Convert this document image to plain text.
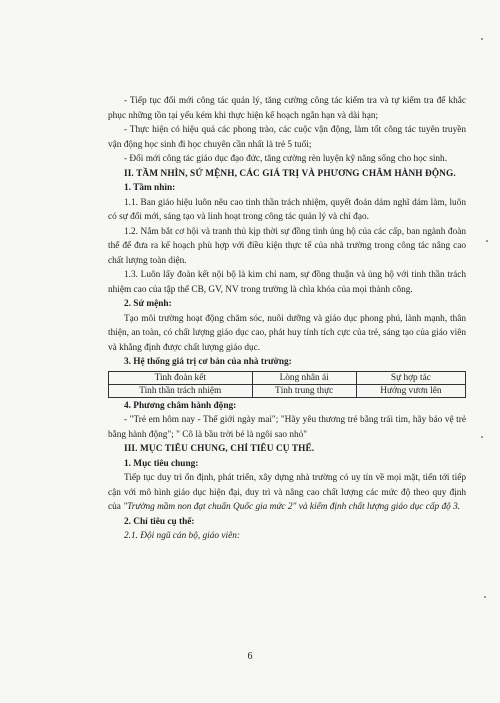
- Tiếp tục đổi mới công tác quản lý, tăng cường công tác kiểm tra và tự kiểm tra để khắc phục những tồn tại yếu kém khi thực hiện kế hoạch ngắn hạn và dài hạn;

- Thực hiện có hiệu quả các phong trào, các cuộc vận động, làm tốt công tác tuyên truyền vận động học sinh đi học chuyên cần nhất là trẻ 5 tuổi;

- Đổi mới công tác giáo dục đạo đức, tăng cường rèn luyện kỹ năng sống cho học sinh.

II. TẦM NHÌN, SỨ MỆNH, CÁC GIÁ TRỊ VÀ PHƯƠNG CHÂM HÀNH ĐỘNG.

1. Tầm nhìn:

1.1. Ban giáo hiệu luôn nêu cao tinh thần trách nhiệm, quyết đoán dám nghĩ dám làm, luôn có sự đổi mới, sáng tạo và linh hoạt trong công tác quản lý và chỉ đạo.

1.2. Nắm bắt cơ hội và tranh thủ kịp thời sự đồng tình ủng hộ của các cấp, ban ngành đoàn thể để đưa ra kế hoạch phù hợp với điều kiện thực tế của nhà trường trong công tác nâng cao chất lượng toàn diện.

1.3. Luôn lấy đoàn kết nội bộ là kim chỉ nam, sự đồng thuận và ủng hộ với tinh thần trách nhiệm cao của tập thể CB, GV, NV trong trường là chìa khóa của mọi thành công.

2. Sứ mệnh:

Tạo môi trường hoạt động chăm sóc, nuôi dưỡng và giáo dục phong phú, lành mạnh, thân thiện, an toàn, có chất lượng giáo dục cao, phát huy tính tích cực của trẻ, sáng tạo của giáo viên và khẳng định được chất lượng giáo dục.

3. Hệ thống giá trị cơ bản của nhà trường:

Tinh đoàn kết	Lòng nhân ái	Sự hợp tác
Tinh thần trách nhiệm	Tính trung thực	Hướng vươn lên

4. Phương châm hành động:

- "Trẻ em hôm nay - Thế giới ngày mai"; "Hãy yêu thương trẻ bằng trái tim, hãy bảo vệ trẻ bằng hành động"; " Cô là bầu trời bé là ngôi sao nhỏ"

III. MỤC TIÊU CHUNG, CHỈ TIÊU CỤ THỂ.

1. Mục tiêu chung:

Tiếp tục duy trì ổn định, phát triển, xây dựng nhà trường có uy tín về mọi mặt, tiến tới tiếp cận với mô hình giáo dục hiện đại, duy trì và nâng cao chất lượng các mức độ theo quy định của "Trường mầm non đạt chuẩn Quốc gia mức 2" và kiểm định chất lượng giáo dục cấp độ 3.

2. Chỉ tiêu cụ thể:

2.1. Đội ngũ cán bộ, giáo viên:

6
